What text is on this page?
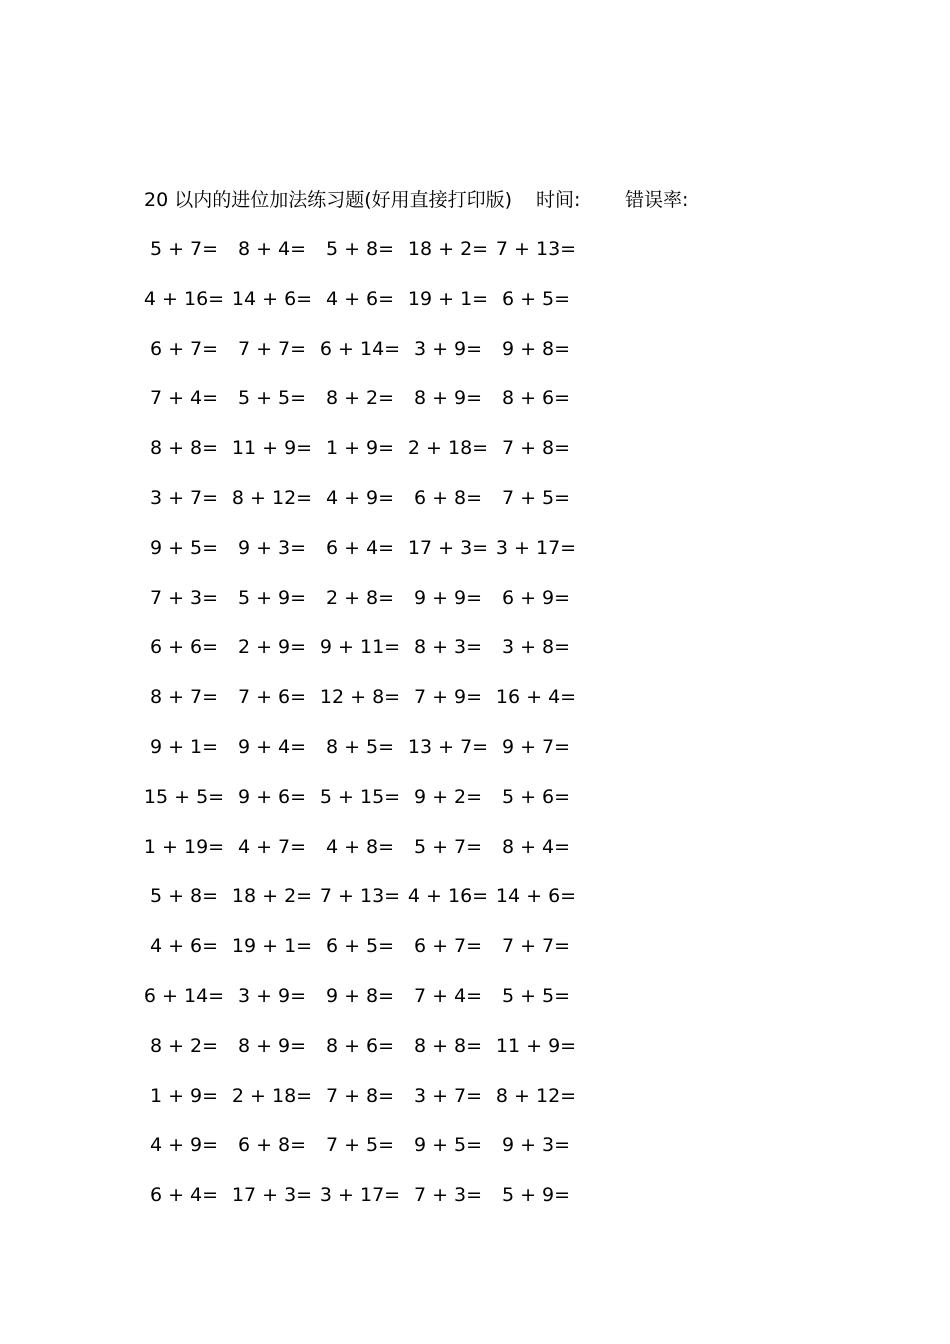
20 以内的进位加法练习题(好用直接打印版) 时间: 错误率:
5 + 7=	8 + 4=	5 + 8= 18 + 2= 7 + 13=
4 + 16= 14 + 6= 4 + 6= 19 + 1= 6 + 5=
6 + 7=	7 + 7= 6 + 14= 3 + 9=	9 + 8=
7 + 4=	5 + 5=	8 + 2=	8 + 9=	8 + 6=
8 + 8= 11 + 9= 1 + 9= 2 + 18= 7 + 8=
3 + 7= 8 + 12= 4 + 9=	6 + 8=	7 + 5=
9 + 5=	9 + 3=	6 + 4= 17 + 3= 3 + 17=
7 + 3=	5 + 9=	2 + 8=	9 + 9=	6 + 9=
6 + 6=	2 + 9= 9 + 11= 8 + 3=	3 + 8=
8 + 7=	7 + 6= 12 + 8= 7 + 9= 16 + 4=
9 + 1=	9 + 4=	8 + 5= 13 + 7= 9 + 7=
15 + 5= 9 + 6= 5 + 15= 9 + 2=	5 + 6=
1 + 19= 4 + 7=	4 + 8=	5 + 7=	8 + 4=
5 + 8= 18 + 2= 7 + 13= 4 + 16= 14 + 6=
4 + 6= 19 + 1= 6 + 5=	6 + 7=	7 + 7=
6 + 14= 3 + 9=	9 + 8=	7 + 4=	5 + 5=
8 + 2=	8 + 9=	8 + 6=	8 + 8= 11 + 9=
1 + 9= 2 + 18= 7 + 8=	3 + 7= 8 + 12=
4 + 9=	6 + 8=	7 + 5=	9 + 5=	9 + 3=
6 + 4= 17 + 3= 3 + 17= 7 + 3=	5 + 9=
